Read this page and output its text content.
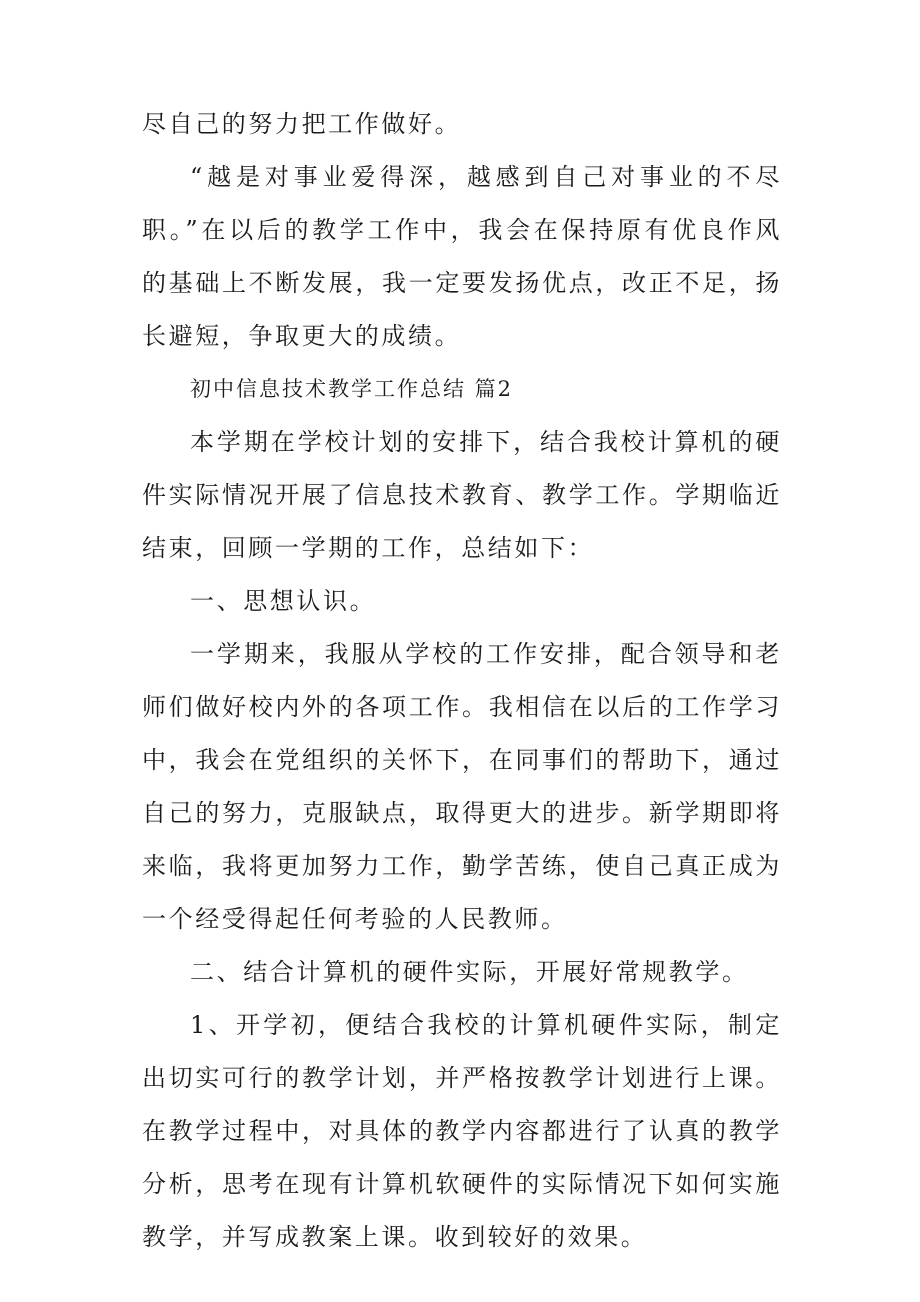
尽自己的努力把工作做好。

“越是对事业爱得深，越感到自己对事业的不尽职。”在以后的教学工作中，我会在保持原有优良作风的基础上不断发展，我一定要发扬优点，改正不足，扬长避短，争取更大的成绩。

初中信息技术教学工作总结 篇2

本学期在学校计划的安排下，结合我校计算机的硬件实际情况开展了信息技术教育、教学工作。学期临近结束，回顾一学期的工作，总结如下：

一、思想认识。

一学期来，我服从学校的工作安排，配合领导和老师们做好校内外的各项工作。我相信在以后的工作学习中，我会在党组织的关怀下，在同事们的帮助下，通过自己的努力，克服缺点，取得更大的进步。新学期即将来临，我将更加努力工作，勤学苦练，使自己真正成为一个经受得起任何考验的人民教师。

二、结合计算机的硬件实际，开展好常规教学。

1、开学初，便结合我校的计算机硬件实际，制定出切实可行的教学计划，并严格按教学计划进行上课。在教学过程中，对具体的教学内容都进行了认真的教学分析，思考在现有计算机软硬件的实际情况下如何实施教学，并写成教案上课。收到较好的效果。
